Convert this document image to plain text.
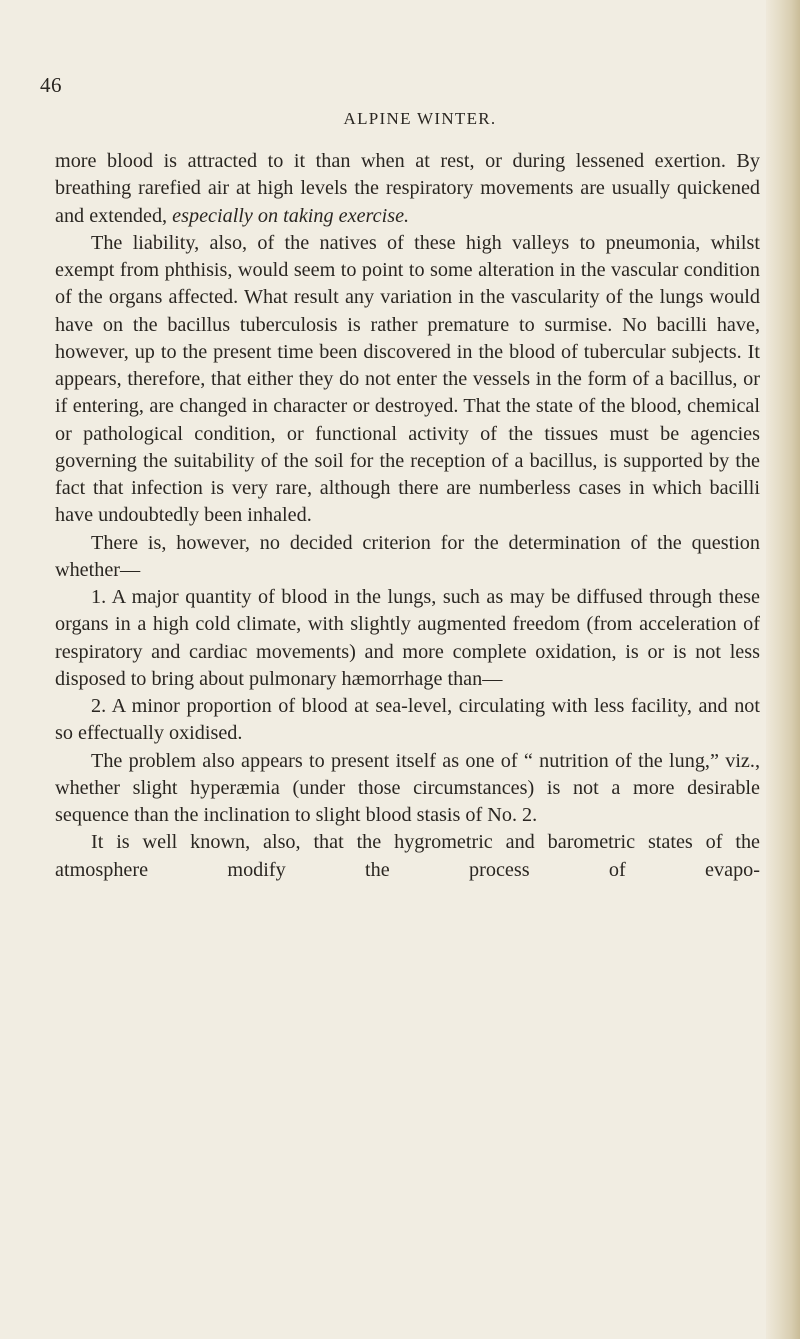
46
ALPINE WINTER.

more blood is attracted to it than when at rest, or during lessened exertion. By breathing rarefied air at high levels the respiratory movements are usually quickened and extended, especially on taking exercise.

The liability, also, of the natives of these high valleys to pneumonia, whilst exempt from phthisis, would seem to point to some alteration in the vascular condition of the organs affected. What result any variation in the vascularity of the lungs would have on the bacillus tuberculosis is rather premature to surmise. No bacilli have, however, up to the present time been discovered in the blood of tubercular subjects. It appears, therefore, that either they do not enter the vessels in the form of a bacillus, or if entering, are changed in character or destroyed. That the state of the blood, chemical or pathological condition, or functional activity of the tissues must be agencies governing the suitability of the soil for the reception of a bacillus, is supported by the fact that infection is very rare, although there are numberless cases in which bacilli have undoubtedly been inhaled.

There is, however, no decided criterion for the determination of the question whether—

1. A major quantity of blood in the lungs, such as may be diffused through these organs in a high cold climate, with slightly augmented freedom (from acceleration of respiratory and cardiac movements) and more complete oxidation, is or is not less disposed to bring about pulmonary hæmorrhage than—

2. A minor proportion of blood at sea-level, circulating with less facility, and not so effectually oxidised.

The problem also appears to present itself as one of “ nutrition of the lung,” viz., whether slight hyperæmia (under those circumstances) is not a more desirable sequence than the inclination to slight blood stasis of No. 2.

It is well known, also, that the hygrometric and barometric states of the atmosphere modify the process of evapo-
